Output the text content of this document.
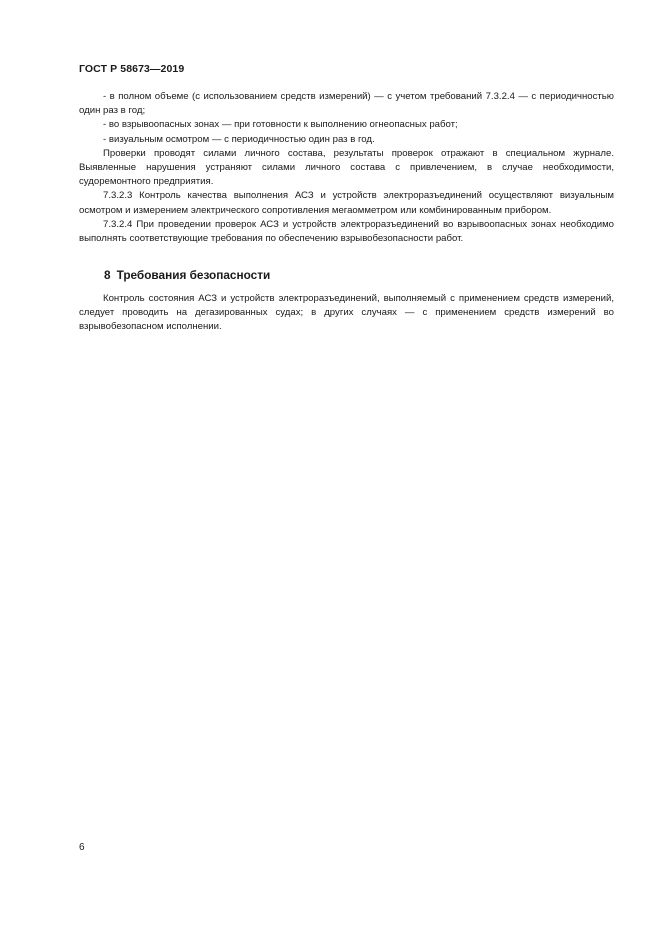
ГОСТ Р 58673—2019

- в полном объеме (с использованием средств измерений) — с учетом требований 7.3.2.4 — с периодичностью один раз в год;

- во взрывоопасных зонах — при готовности к выполнению огнеопасных работ;

- визуальным осмотром — с периодичностью один раз в год.

Проверки проводят силами личного состава, результаты проверок отражают в специальном журнале. Выявленные нарушения устраняют силами личного состава с привлечением, в случае необходимости, судоремонтного предприятия.

7.3.2.3 Контроль качества выполнения АСЗ и устройств электроразъединений осуществляют визуальным осмотром и измерением электрического сопротивления мегаомметром или комбинированным прибором.

7.3.2.4 При проведении проверок АСЗ и устройств электроразъединений во взрывоопасных зонах необходимо выполнять соответствующие требования по обеспечению взрывобезопасности работ.

8 Требования безопасности

Контроль состояния АСЗ и устройств электроразъединений, выполняемый с применением средств измерений, следует проводить на дегазированных судах; в других случаях — с применением средств измерений во взрывобезопасном исполнении.

6
